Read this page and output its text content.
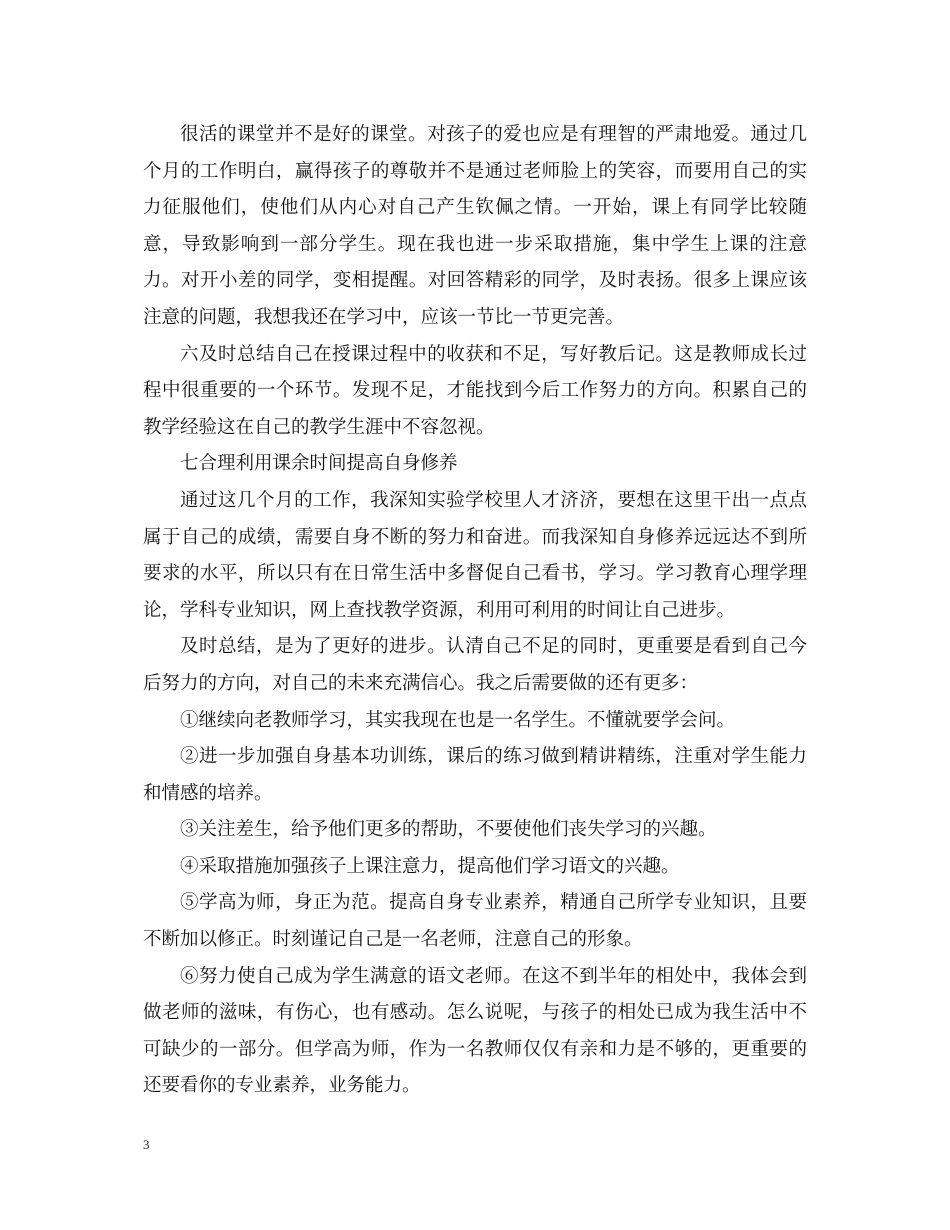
很活的课堂并不是好的课堂。对孩子的爱也应是有理智的严肃地爱。通过几个月的工作明白，赢得孩子的尊敬并不是通过老师脸上的笑容，而要用自己的实力征服他们，使他们从内心对自己产生钦佩之情。一开始，课上有同学比较随意，导致影响到一部分学生。现在我也进一步采取措施，集中学生上课的注意力。对开小差的同学，变相提醒。对回答精彩的同学，及时表扬。很多上课应该注意的问题，我想我还在学习中，应该一节比一节更完善。

六及时总结自己在授课过程中的收获和不足，写好教后记。这是教师成长过程中很重要的一个环节。发现不足，才能找到今后工作努力的方向。积累自己的教学经验这在自己的教学生涯中不容忽视。

七合理利用课余时间提高自身修养

通过这几个月的工作，我深知实验学校里人才济济，要想在这里干出一点点属于自己的成绩，需要自身不断的努力和奋进。而我深知自身修养远远达不到所要求的水平，所以只有在日常生活中多督促自己看书，学习。学习教育心理学理论，学科专业知识，网上查找教学资源，利用可利用的时间让自己进步。

及时总结，是为了更好的进步。认清自己不足的同时，更重要是看到自己今后努力的方向，对自己的未来充满信心。我之后需要做的还有更多：

①继续向老教师学习，其实我现在也是一名学生。不懂就要学会问。

②进一步加强自身基本功训练，课后的练习做到精讲精练，注重对学生能力和情感的培养。

③关注差生，给予他们更多的帮助，不要使他们丧失学习的兴趣。

④采取措施加强孩子上课注意力，提高他们学习语文的兴趣。

⑤学高为师，身正为范。提高自身专业素养，精通自己所学专业知识，且要不断加以修正。时刻谨记自己是一名老师，注意自己的形象。

⑥努力使自己成为学生满意的语文老师。在这不到半年的相处中，我体会到做老师的滋味，有伤心，也有感动。怎么说呢，与孩子的相处已成为我生活中不可缺少的一部分。但学高为师，作为一名教师仅仅有亲和力是不够的，更重要的还要看你的专业素养，业务能力。

3
